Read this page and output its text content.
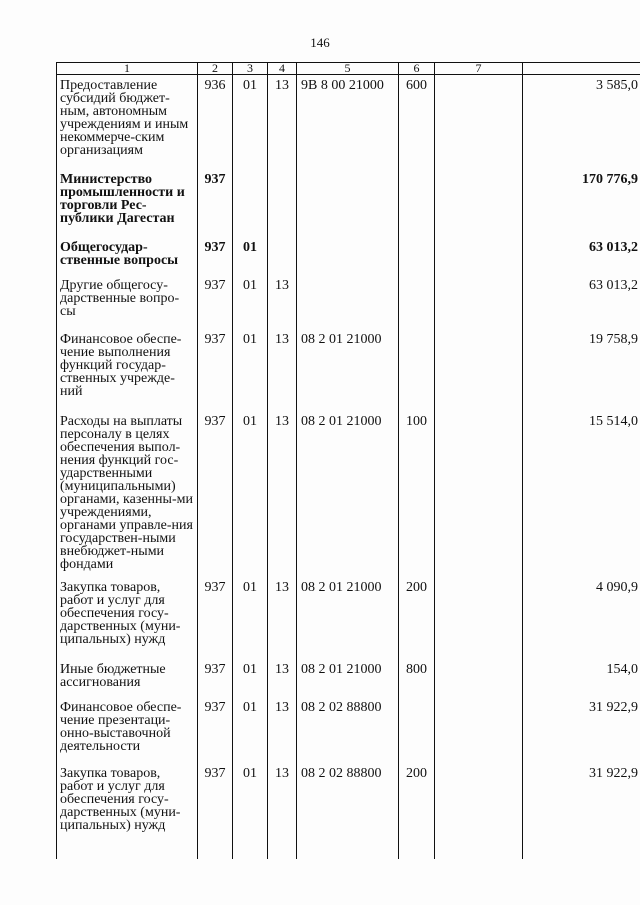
146
1	2	3	4	5	6	7	
Предоставление субсидий бюджет-ным, автономным учреждениям и иным некоммерче-ским организациям	936	01	13	9В 8 00 21000	600		3 585,0
Министерство промышленности и торговли Рес-публики Дагестан	937						170 776,9
Общегосудар-ственные вопросы	937	01					63 013,2
Другие общегосу-дарственные вопро-сы	937	01	13				63 013,2
Финансовое обеспе-чение выполнения функций государ-ственных учрежде-ний	937	01	13	08 2 01 21000			19 758,9
Расходы на выплаты персоналу в целях обеспечения выпол-нения функций гос-ударственными (муниципальными) органами, казенны-ми учреждениями, органами управле-ния государствен-ными внебюджет-ными фондами	937	01	13	08 2 01 21000	100		15 514,0
Закупка товаров, работ и услуг для обеспечения госу-дарственных (муни-ципальных) нужд	937	01	13	08 2 01 21000	200		4 090,9
Иные бюджетные ассигнования	937	01	13	08 2 01 21000	800		154,0
Финансовое обеспе-чение презентаци-онно-выставочной деятельности	937	01	13	08 2 02 88800			31 922,9
Закупка товаров, работ и услуг для обеспечения госу-дарственных (муни-ципальных) нужд	937	01	13	08 2 02 88800	200		31 922,9
